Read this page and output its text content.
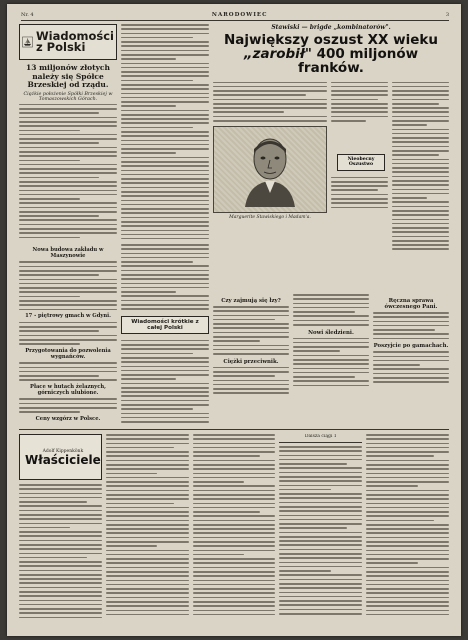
Nr. 4	NARODOWIEC	3
Wiadomości z Polski
13 miljonów złotych należy się Spółce Brzeskiej od rządu.
Ciężkie położenie Spółki Brzeskiej w Tomaszowskich Górach.
Stawiski — brigde „kombinatorów".
Największy oszust XX wieku
„zarobił" 400 miljonów franków.
Marguerite Stawiskiego i Madam'a.
Nieobecny Oszustwo
Nowa budowa zakładu w Maszynowie
17 - piętrowy gmach w Gdyni.
Przygotowania do pozwolenia wygnańców.
Płace w hutach żelaznych, górniczych ulubione.
Ceny wzgórz w Polsce.
Wiadomości krótkie z całej Polski
Czy zajmują się łzy?
Ciężki przeciwnik.
Nowi śledzieni.
Ręczna sprawa ówczesnego Pani.
Poszyjcie po gamachach.
Adolf Kippenkönk
Właściciele
Dalsza ciągi 1
